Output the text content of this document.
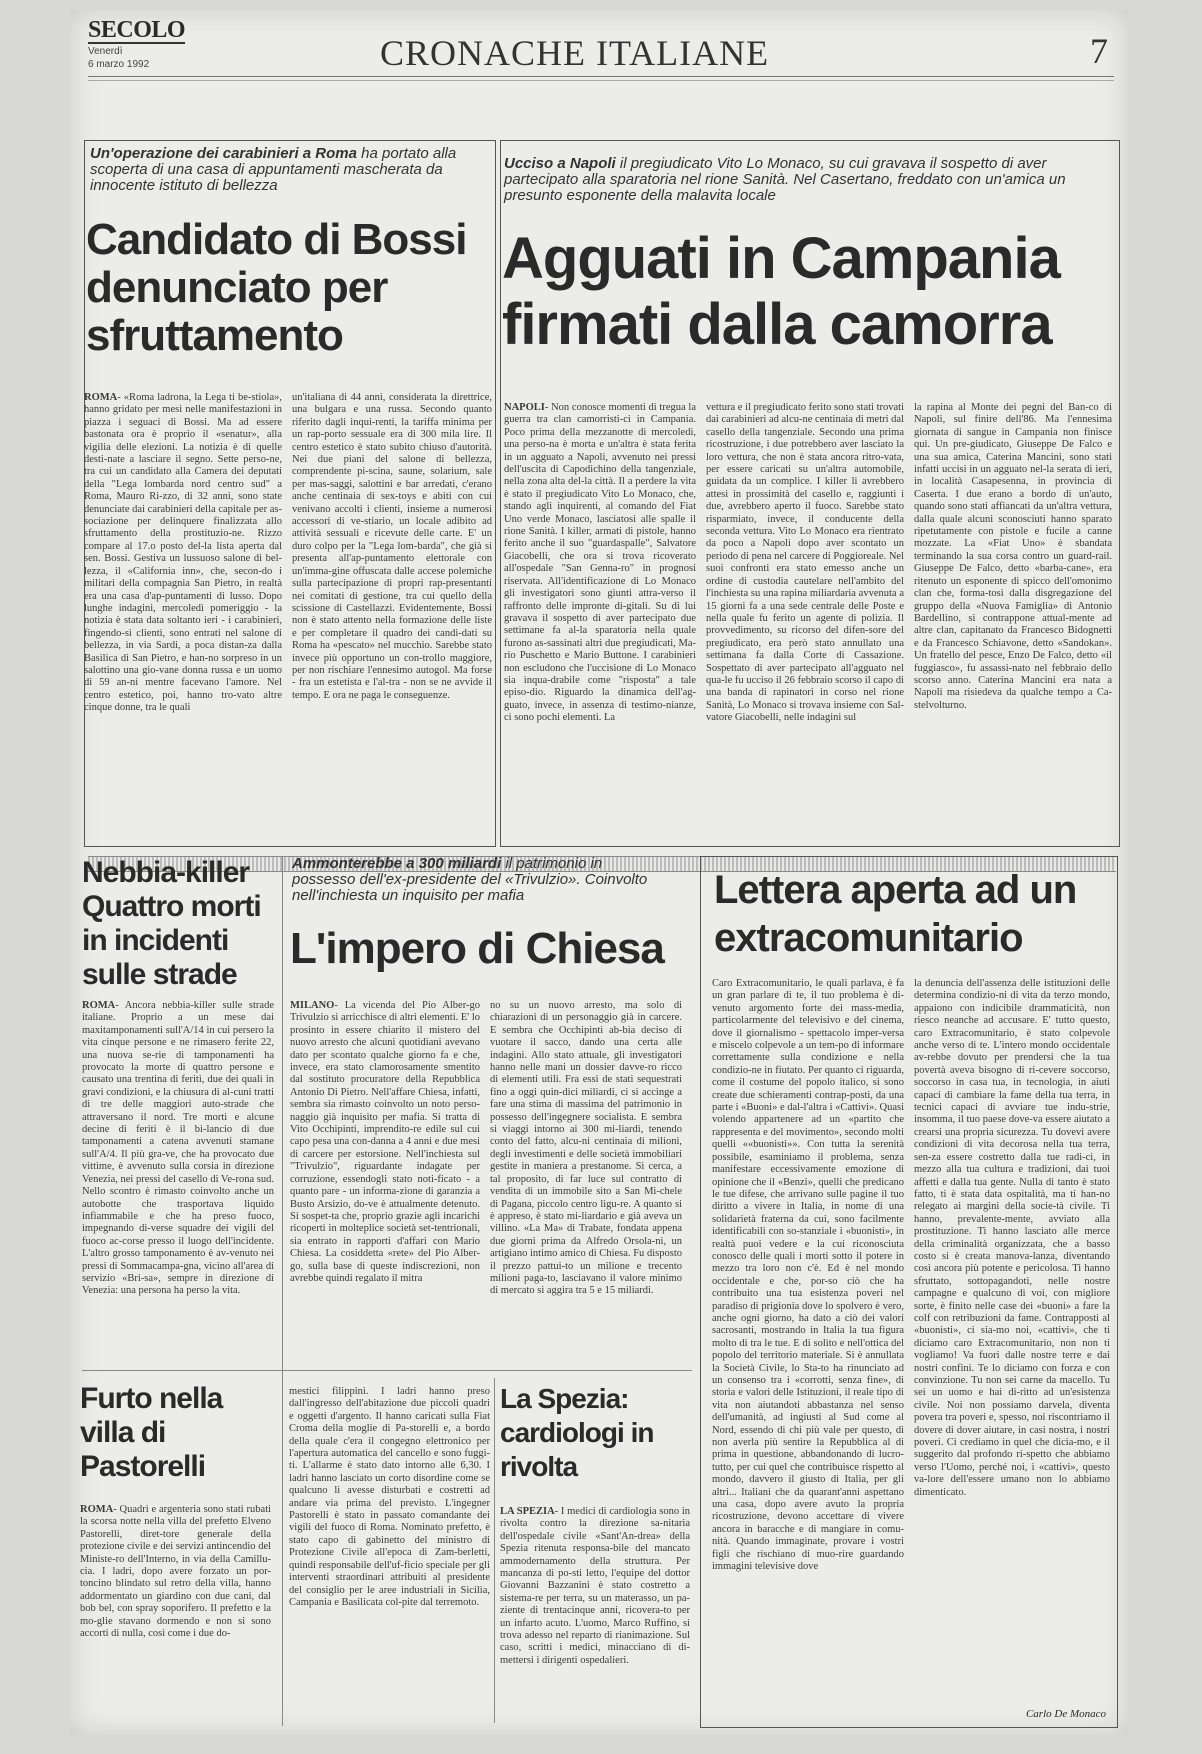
SECOLO
Venerdì
6 marzo 1992	CRONACHE ITALIANE	7
Un'operazione dei carabinieri a Roma ha portato alla scoperta di una casa di appuntamenti mascherata da innocente istituto di bellezza
Candidato di Bossi denunciato per sfruttamento
ROMA- «Roma ladrona, la Lega ti be-stiola», hanno gridato per mesi nelle manifestazioni in piazza i seguaci di Bossi. Ma ad essere bastonata ora è proprio il «senatur», alla vigilia delle elezioni. La notizia è di quelle desti-nate a lasciare il segno. Sette perso-ne, tra cui un candidato alla Camera dei deputati della "Lega lombarda nord centro sud" a Roma, Mauro Ri-zzo, di 32 anni, sono state denunciate dai carabinieri della capitale per as-sociazione per delinquere finalizzata allo sfruttamento della prostituzio-ne. Rizzo compare al 17.o posto del-la lista aperta dal sen. Bossi. Gestiva un lussuoso salone di bel-lezza, il «California inn», che, secon-do i militari della compagnia San Pietro, in realtà era una casa d'ap-puntamenti di lusso. Dopo lunghe indagini, mercoledì pomeriggio - la notizia è stata data soltanto ieri - i carabinieri, fingendo-si clienti, sono entrati nel salone di bellezza, in via Sardi, a poca distan-za dalla Basilica di San Pietro, e han-no sorpreso in un salottino una gio-vane donna russa e un uomo di 59 an-ni mentre facevano l'amore. Nel centro estetico, poi, hanno tro-vato altre cinque donne, tra le quali
un'italiana di 44 anni, considerata la direttrice, una bulgara e una russa. Secondo quanto riferito dagli inqui-renti, la tariffa minima per un rap-porto sessuale era di 300 mila lire. Il centro estetico è stato subito chiuso d'autorità. Nei due piani del salone di bellezza, comprendente pi-scina, saune, solarium, sale per mas-saggi, salottini e bar arredati, c'erano anche centinaia di sex-toys e abiti con cui venivano accolti i clienti, insieme a numerosi accessori di ve-stiario, un locale adibito ad attività sessuali e ricevute delle carte. E' un duro colpo per la "Lega lom-barda", che già si presenta all'ap-puntamento elettorale con un'imma-gine offuscata dalle accese polemiche sulla partecipazione di propri rap-presentanti nei comitati di gestione, tra cui quello della scissione di Castellazzi. Evidentemente, Bossi non è stato attento nella formazione delle liste e per completare il quadro dei candi-dati su Roma ha «pescato» nel mucchio. Sarebbe stato invece più opportuno un con-trollo maggiore, per non rischiare l'ennesimo autogol. Ma forse - fra un estetista e l'al-tra - non se ne avvide il tempo. E ora ne paga le conseguenze.
Ucciso a Napoli il pregiudicato Vito Lo Monaco, su cui gravava il sospetto di aver partecipato alla sparatoria nel rione Sanità. Nel Casertano, freddato con un'amica un presunto esponente della malavita locale
Agguati in Campania firmati dalla camorra
NAPOLI- Non conosce momenti di tregua la guerra tra clan camorristi-ci in Campania. Poco prima della mezzanotte di mercoledì, una perso-na è morta e un'altra è stata ferita in un agguato a Napoli, avvenuto nei pressi dell'uscita di Capodichino della tangenziale, nella zona alta del-la città. Il a perdere la vita è stato il pregiudicato Vito Lo Monaco, che, stando agli inquirenti, al comando del Fiat Uno verde Monaco, lasciatosi alle spalle il rione Sanità. I killer, armati di pistole, hanno ferito anche il suo "guardaspalle", Salvatore Giacobelli, che ora si trova ricoverato all'ospedale "San Genna-ro" in prognosi riservata. All'identificazione di Lo Monaco gli investigatori sono giunti attra-verso il raffronto delle impronte di-gitali. Su di lui gravava il sospetto di aver partecipato due settimane fa al-la sparatoria nella quale furono as-sassinati altri due pregiudicati, Ma-rio Puschetto e Mario Buttone. I carabinieri non escludono che l'uccisione di Lo Monaco sia inqua-drabile come "risposta" a tale episo-dio. Riguardo la dinamica dell'ag-guato, invece, in assenza di testimo-nianze, ci sono pochi elementi. La
vettura e il pregiudicato ferito sono stati trovati dai carabinieri ad alcu-ne centinaia di metri dal casello della tangenziale. Secondo una prima ricostruzione, i due potrebbero aver lasciato la loro vettura, che non è stata ancora ritro-vata, per essere caricati su un'altra automobile, guidata da un complice. I killer li avrebbero attesi in prossimità del casello e, raggiunti i due, avrebbero aperto il fuoco. Sarebbe stato risparmiato, invece, il conducente della seconda vettura. Vito Lo Monaco era rientrato da poco a Napoli dopo aver scontato un periodo di pena nel carcere di Poggioreale. Nel suoi confronti era stato emesso anche un ordine di custodia cautelare nell'ambito del l'inchiesta su una rapina miliardaria avvenuta a 15 giorni fa a una sede centrale delle Poste e nella quale fu ferito un agente di polizia. Il provvedimento, su ricorso del difen-sore del pregiudicato, era però stato annullato una settimana fa dalla Corte di Cassazione. Sospettato di aver partecipato all'agguato nel qua-le fu ucciso il 26 febbraio scorso il capo di una banda di rapinatori in corso nel rione Sanità, Lo Monaco si trovava insieme con Sal-vatore Giacobelli, nelle indagini sul
la rapina al Monte dei pegni del Ban-co di Napoli, sul finire dell'86. Ma l'ennesima giornata di sangue in Campania non finisce qui. Un pre-giudicato, Giuseppe De Falco e una sua amica, Caterina Mancini, sono stati infatti uccisi in un agguato nel-la serata di ieri, in località Casapesenna, in provincia di Caserta. I due erano a bordo di un'auto, quando sono stati affiancati da un'altra vettura, dalla quale alcuni sconosciuti hanno sparato ripetutamente con pistole e fucile a canne mozzate. La «Fiat Uno» è sbandata terminando la sua corsa contro un guard-rail. Giuseppe De Falco, detto «barba-cane», era ritenuto un esponente di spicco dell'omonimo clan che, forma-tosi dalla disgregazione del gruppo della «Nuova Famiglia» di Antonio Bardellino, si contrappone attual-mente ad altre clan, capitanato da Francesco Bidognetti e da Francesco Schiavone, detto «Sandokan». Un fratello del pesce, Enzo De Falco, detto «il fuggiasco», fu assassi-nato nel febbraio dello scorso anno. Caterina Mancini era nata a Napoli ma risiedeva da qualche tempo a Ca-stelvolturno.
Nebbia-killer Quattro morti in incidenti sulle strade
ROMA- Ancora nebbia-killer sulle strade italiane. Proprio a un mese dai maxitamponamenti sull'A/14 in cui persero la vita cinque persone e ne rimasero ferite 22, una nuova se-rie di tamponamenti ha provocato la morte di quattro persone e causato una trentina di feriti, due dei quali in gravi condizioni, e la chiusura di al-cuni tratti di tre delle maggiori auto-strade che attraversano il nord. Tre morti e alcune decine di feriti è il bi-lancio di due tamponamenti a catena avvenuti stamane sull'A/4. Il più gra-ve, che ha provocato due vittime, è avvenuto sulla corsia in direzione Venezia, nei pressi del casello di Ve-rona sud. Nello scontro è rimasto coinvolto anche un autobotte che trasportava liquido infiammabile e che ha preso fuoco, impegnando di-verse squadre dei vigili del fuoco ac-corse presso il luogo dell'incidente. L'altro grosso tamponamento è av-venuto nei pressi di Sommacampa-gna, vicino all'area di servizio «Bri-sa», sempre in direzione di Venezia: una persona ha perso la vita.
Ammonterebbe a 300 miliardi il patrimonio in possesso dell'ex-presidente del «Trivulzio». Coinvolto nell'inchiesta un inquisito per mafia
L'impero di Chiesa
MILANO- La vicenda del Pio Alber-go Trivulzio si arricchisce di altri elementi. E' lo prosinto in essere chiarito il mistero del nuovo arresto che alcuni quotidiani avevano dato per scontato qualche giorno fa e che, invece, era stato clamorosamente smentito dal sostituto procuratore della Repubblica Antonio Di Pietro. Nell'affare Chiesa, infatti, sembra sia rimasto coinvolto un noto perso-naggio già inquisito per mafia. Si tratta di Vito Occhipinti, imprendito-re edile sul cui capo pesa una con-danna a 4 anni e due mesi di carcere per estorsione. Nell'inchiesta sul "Trivulzio", riguardante indagate per corruzione, essendogli stato noti-ficato - a quanto pare - un informa-zione di garanzia a Busto Arsizio, do-ve è attualmente detenuto. Si sospet-ta che, proprio grazie agli incarichi ricoperti in molteplice società set-tentrionali, sia entrato in rapporti d'affari con Mario Chiesa. La cosiddetta «rete» del Pio Alber-go, sulla base di queste indiscrezioni, non avrebbe quindi regalato il mitra
no su un nuovo arresto, ma solo di chiarazioni di un personaggio già in carcere. E sembra che Occhipinti ab-bia deciso di vuotare il sacco, dando una certa alle indagini. Allo stato attuale, gli investigatori hanno nelle mani un dossier davve-ro ricco di elementi utili. Fra essi de stati sequestrati fino a oggi quin-dici miliardi, ci si accinge a fare una stima di massima del patrimonio in possesso dell'ingegnere socialista. E sembra si viaggi intorno ai 300 mi-liardi, tenendo conto del fatto, alcu-ni centinaia di milioni, degli investimenti e delle società immobiliari gestite in maniera a prestanome. Si cerca, a tal proposito, di far luce sul contratto di vendita di un immobile sito a San Mi-chele di Pagana, piccolo centro ligu-re. A quanto si è appreso, è stato mi-liardario e già aveva un villino. «La Ma» di Trabate, fondata appena due giorni prima da Alfredo Orsola-ni, un artigiano intimo amico di Chiesa. Fu disposto il prezzo pattui-to un milione e trecento milioni paga-to, lasciavano il valore minimo di mercato si aggira tra 5 e 15 miliardi.
Lettera aperta ad un extracomunitario
Caro Extracomunitario, le quali parlava, è fa un gran parlare di te, il tuo problema è di-venuto argomento forte dei mass-media, particolarmente del televisivo e del cinema, dove il giornalismo - spettacolo imper-versa e miscelo colpevole a un tem-po di informare correttamente sulla condizione e nella condizio-ne in fiutato. Per quanto ci riguarda, come il costume del popolo italico, si sono create due schieramenti contrap-posti, da una parte i «Buoni» e dal-l'altra i «Cattivi». Quasi volendo appartenere ad un «partito che rappresenta e del movimento», secondo molti quelli ««buonisti»». Con tutta la serenità possibile, esaminiamo il problema, senza manifestare eccessivamente emozione di opinione che il «Benzi», quelli che predicano le tue difese, che arrivano sulle pagine il tuo diritto a vivere in Italia, in nome di una solidarietà fraterna da cui, sono facilmente identificabili con so-stanziale i «buonisti», in realtà puoi vedere e la cui riconosciuta conosco delle quali i morti sotto il potere in mezzo tra loro non c'è. Ed è nel mondo occidentale e che, por-so ciò che ha contribuito una tua esistenza poveri nel paradiso di prigionia dove lo spolvero è vero, anche ogni giorno, ha dato a ciò dei valori sacrosanti, mostrando in Italia la tua figura molto di tra le tue. E di solito e nell'ottica del popolo del territorio materiale. Si è annullata la Società Civile, lo Sta-to ha rinunciato ad un consenso tra i «corrotti, senza fine», di storia e valori delle Istituzioni, il reale tipo di vita non aiutandoti abbastanza nel senso dell'umanità, ad ingiusti al Sud come al Nord, essendo di chi più vale per questo, di non averla più sentire la Repubblica al di prima in questione, abbandonando di lucro-tutto, per cui quel che contribuisce rispetto al mondo, davvero il giusto di Italia, per gli altri... Italiani che da quarant'anni aspettano una casa, dopo avere avuto la propria ricostruzione, devono accettare di vivere ancora in baracche e di mangiare in comu-nità. Quando immaginate, provare i vostri figli che rischiano di muo-rire guardando immagini televisive dove
la denuncia dell'assenza delle istituzioni delle determina condizio-ni di vita da terzo mondo, appaiono con indicibile drammaticità, non riesco neanche ad accusare. E' tutto questo, caro Extracomunitario, è stato colpevole anche verso di te. L'intero mondo occidentale av-rebbe dovuto per prendersi che la tua povertà aveva bisogno di ri-cevere soccorso, soccorso in casa tua, in tecnologia, in aiuti capaci di cambiare la fame della tua terra, in tecnici capaci di avviare tue indu-strie, insomma, il tuo paese dove-va essere aiutato a crearsi una propria sicurezza. Tu dovevi avere condizioni di vita decorosa nella tua terra, sen-za essere costretto dalla tue radi-ci, in mezzo alla tua cultura e tradizioni, dai tuoi affetti e dalla tua gente. Nulla di tanto è stato fatto, ti è stata data ospitalità, ma ti han-no relegato ai margini della socie-tà civile. Ti hanno, prevalente-mente, avviato alla prostituzione. Ti hanno lasciato alle merce della criminalità organizzata, che a basso costo si è creata manova-lanza, diventando così ancora più potente e pericolosa. Ti hanno sfruttato, sottopagandoti, nelle nostre campagne e qualcuno di voi, con migliore sorte, è finito nelle case dei «buoni» a fare la colf con retribuzioni da fame. Contrapposti al «buonisti», ci sia-mo noi, «cattivi», che ti diciamo caro Extracomunitario, non non ti vogliamo! Va fuori dalle nostre terre e dai nostri confini. Te lo diciamo con forza e con convinzione. Tu non sei carne da macello. Tu sei un uomo e hai di-ritto ad un'esistenza civile. Noi non possiamo darvela, diventa povera tra poveri e, spesso, noi riscontriamo il dovere di dover aiutare, in casi nostra, i nostri poveri. Ci crediamo in quel che dicia-mo, e il suggerito dal profondo ri-spetto che abbiamo verso l'Uomo, perché noi, i «cattivi», questo va-lore dell'essere umano non lo abbiamo dimenticato.
Carlo De Monaco
Furto nella villa di Pastorelli
ROMA- Quadri e argenteria sono stati rubati la scorsa notte nella villa del prefetto Elveno Pastorelli, diret-tore generale della protezione civile e dei servizi antincendio del Ministe-ro dell'Interno, in via della Camillu-cia. I ladri, dopo avere forzato un por-toncino blindato sul retro della villa, hanno addormentato un giardino con due cani, dal bob bel, con spray soporifero. Il prefetto e la mo-glie stavano dormendo e non si sono accorti di nulla, così come i due do-
mestici filippini. I ladri hanno preso dall'ingresso dell'abitazione due piccoli quadri e oggetti d'argento. Il hanno caricati sulla Fiat Croma della moglie di Pa-storelli e, a bordo della quale c'era il congegno elettronico per l'apertura automatica del cancello e sono fuggi-ti. L'allarme è stato dato intorno alle 6,30. I ladri hanno lasciato un corto disordine come se qualcuno li avesse disturbati e costretti ad andare via prima del previsto. L'ingegner Pastorelli è stato in passato comandante dei vigili del fuoco di Roma. Nominato prefetto, è stato capo di gabinetto del ministro di Protezione Civile all'epoca di Zam-berletti, quindi responsabile dell'uf-ficio speciale per gli interventi straordinari attribuiti al presidente del consiglio per le aree industriali in Sicilia, Campania e Basilicata col-pite dal terremoto.
La Spezia: cardiologi in rivolta
LA SPEZIA- I medici di cardiologia sono in rivolta contro la direzione sa-nitaria dell'ospedale civile «Sant'An-drea» della Spezia ritenuta responsa-bile del mancato ammodernamento della struttura. Per mancanza di po-sti letto, l'equipe del dottor Giovanni Bazzanini è stato costretto a sistema-re per terra, su un materasso, un pa-ziente di trentacinque anni, ricovera-to per un infarto acuto. L'uomo, Marco Ruffino, si trova adesso nel reparto di rianimazione. Sul caso, scritti i medici, minacciano di di-mettersi i dirigenti ospedalieri.
